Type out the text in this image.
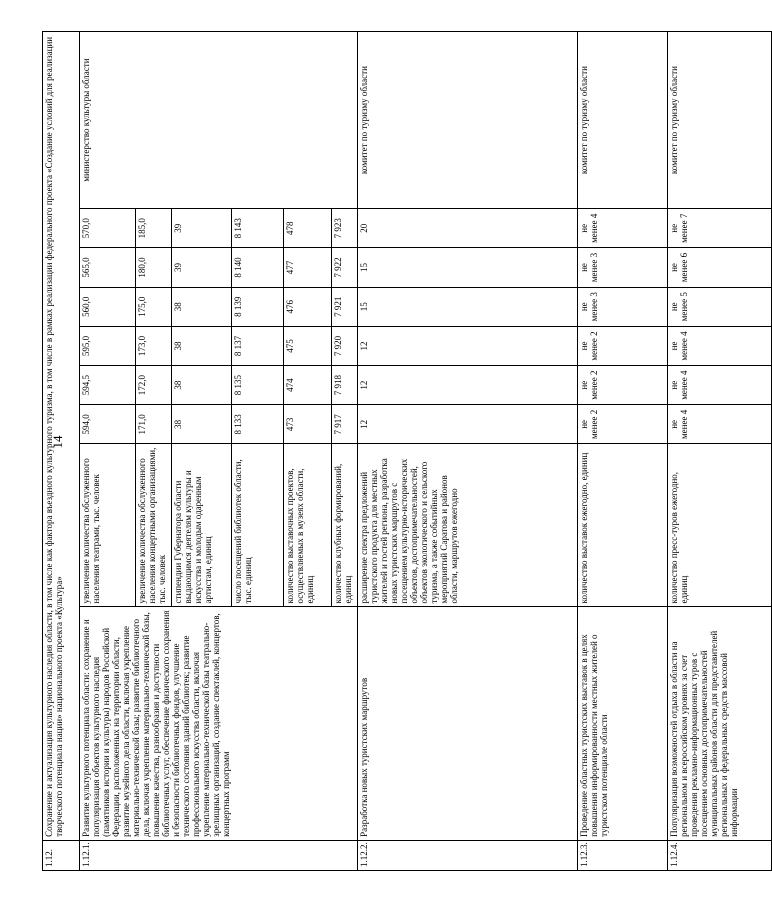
14
1.12.	Сохранение и актуализация культурного наследия области, в том числе как фактора въездного культурного туризма, в том числе в рамках реализации федерального проекта «Создание условий для реализации творческого потенциала нации» национального проекта «Культура»								
1.12.1.	Развитие культурного потенциала области: сохранение и популяризация объектов культурного наследия (памятников истории и культуры) народов Российской Федерации, расположенных на территории области, развитие музейного дела области, включая укрепление материально-технической базы; развитие библиотечного дела, включая укрепление материально-технической базы, повышение качества, разнообразия и доступности библиотечных услуг, обеспечение физического сохранения и безопасности библиотечных фондов, улучшение технического состояния зданий библиотек; развитие профессионального искусства области, включая укрепление материально-технической базы театрально-зрелищных организаций, создание спектаклей, концертов, концертных программ	увеличение количества обслуженного населения театрами, тыс. человек	594,0	594,5	595,0	560,0	565,0	570,0	министерство культуры области
		увеличение количества обслуженного населения концертными организациями, тыс. человек	171,0	172,0	173,0	175,0	180,0	185,0	
		стипендии Губернатора области выдающимся деятелям культуры и искусства и молодым одаренным артистам, единиц	38	38	38	38	39	39	
		число посещений библиотек области, тыс. единиц	8 133	8 135	8 137	8 139	8 140	8 143	
		количество выставочных проектов, осуществляемых в музеях области, единиц	473	474	475	476	477	478	
		количество клубных формирований, единиц	7 917	7 918	7 920	7 921	7 922	7 923	
1.12.2.	Разработка новых туристских маршрутов	расширение спектра предложений туристского продукта для местных жителей и гостей региона, разработка новых туристских маршрутов с посещением культурно-исторических объектов, достопримечательностей, объектов экологического и сельского туризма, а также событийных мероприятий Саратова и районов области, маршрутов ежегодно	12	12	12	15	15	20	комитет по туризму области
1.12.3.	Проведение областных туристских выставок в целях повышения информированности местных жителей о туристском потенциале области	количество выставок ежегодно, единиц	не менее 2	не менее 2	не менее 2	не менее 3	не менее 3	не менее 4	комитет по туризму области
1.12.4.	Популяризация возможностей отдыха в области на региональном и всероссийском уровнях за счет проведения рекламно-информационных туров с посещением основных достопримечательностей муниципальных районов области для представителей региональных и федеральных средств массовой информации	количество пресс-туров ежегодно, единиц	не менее 4	не менее 4	не менее 4	не менее 5	не менее 6	не менее 7	комитет по туризму области
